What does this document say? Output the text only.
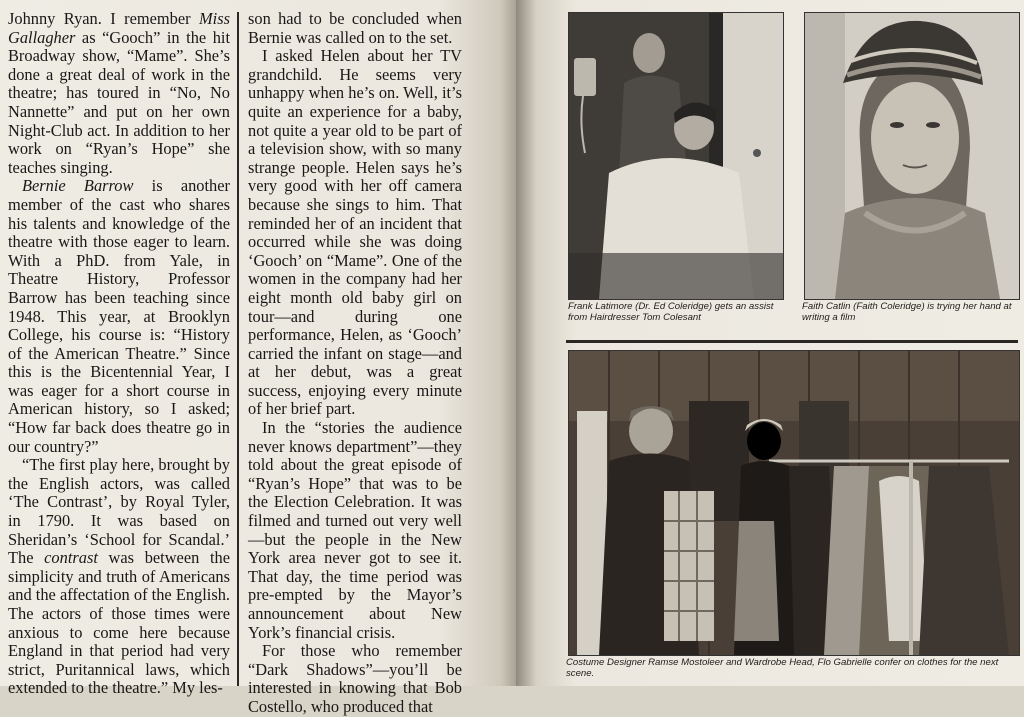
Johnny Ryan. I remember Miss Gallagher as “Gooch” in the hit Broadway show, “Mame”. She’s done a great deal of work in the theatre; has toured in “No, No Nannette” and put on her own Night-Club act. In addition to her work on “Ryan’s Hope” she teaches singing.

Bernie Barrow is another member of the cast who shares his talents and knowledge of the theatre with those eager to learn. With a PhD. from Yale, in Theatre History, Professor Barrow has been teaching since 1948. This year, at Brooklyn College, his course is: “History of the American Theatre.” Since this is the Bicentennial Year, I was eager for a short course in American history, so I asked; “How far back does theatre go in our country?”

“The first play here, brought by the English actors, was called ‘The Contrast’, by Royal Tyler, in 1790. It was based on Sheridan’s ‘School for Scandal.’ The contrast was between the simplicity and truth of Americans and the affectation of the English. The actors of those times were anxious to come here because England in that period had very strict, Puritannical laws, which extended to the theatre.” My les-

son had to be concluded when Bernie was called on to the set.

I asked Helen about her TV grandchild. He seems very unhappy when he’s on. Well, it’s quite an experience for a baby, not quite a year old to be part of a television show, with so many strange people. Helen says he’s very good with her off camera because she sings to him. That reminded her of an incident that occurred while she was doing ‘Gooch’ on “Mame”. One of the women in the company had her eight month old baby girl on tour—and during one performance, Helen, as ‘Gooch’ carried the infant on stage—and at her debut, was a great success, enjoying every minute of her brief part.

In the “stories the audience never knows department”—they told about the great episode of “Ryan’s Hope” that was to be the Election Celebration. It was filmed and turned out very well—but the people in the New York area never got to see it. That day, the time period was pre-empted by the Mayor’s announcement about New York’s financial crisis.

For those who remember “Dark Shadows”—you’ll be interested in knowing that Bob Costello, who produced that

Frank Latimore (Dr. Ed Coleridge) gets an assist from Hairdresser Tom Colesant
Faith Catlin (Faith Coleridge) is trying her hand at writing a film
Costume Designer Ramse Mostoleer and Wardrobe Head, Flo Gabrielle confer on clothes for the next scene.
